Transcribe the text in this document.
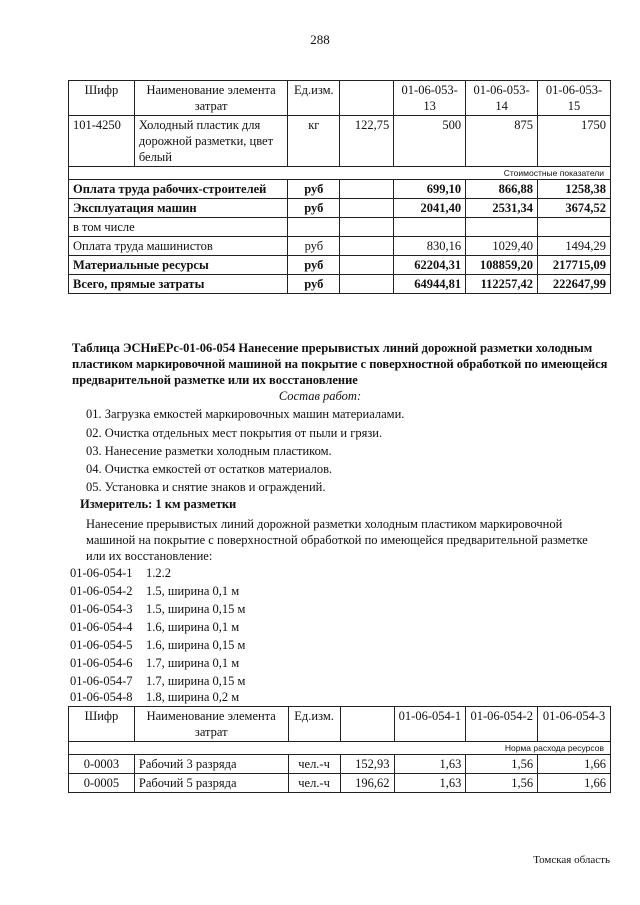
288
Шифр	Наименование элемента затрат	Ед.изм.		01-06-053-13	01-06-053-14	01-06-053-15
101-4250	Холодный пластик для дорожной разметки, цвет белый	кг	122,75	500	875	1750
Стоимостные показатели						
Оплата труда рабочих-строителей		руб		699,10	866,88	1258,38
Эксплуатация машин		руб		2041,40	2531,34	3674,52
в том числе						
Оплата труда машинистов		руб		830,16	1029,40	1494,29
Материальные ресурсы		руб		62204,31	108859,20	217715,09
Всего, прямые затраты		руб		64944,81	112257,42	222647,99
Таблица ЭСНиЕРс-01-06-054 Нанесение прерывистых линий дорожной разметки холодным пластиком маркировочной машиной на покрытие с поверхностной обработкой по имеющейся предварительной разметке или их восстановление
Состав работ:
01. Загрузка емкостей маркировочных машин материалами.
02. Очистка отдельных мест покрытия от пыли и грязи.
03. Нанесение разметки холодным пластиком.
04. Очистка емкостей от остатков материалов.
05. Установка и снятие знаков и ограждений.
Измеритель: 1 км разметки
Нанесение прерывистых линий дорожной разметки холодным пластиком маркировочной машиной на покрытие с поверхностной обработкой по имеющейся предварительной разметке или их восстановление:
01-06-054-1 1.2.2
01-06-054-2 1.5, ширина 0,1 м
01-06-054-3 1.5, ширина 0,15 м
01-06-054-4 1.6, ширина 0,1 м
01-06-054-5 1.6, ширина 0,15 м
01-06-054-6 1.7, ширина 0,1 м
01-06-054-7 1.7, ширина 0,15 м
01-06-054-8 1.8, ширина 0,2 м
Шифр	Наименование элемента затрат	Ед.изм.		01-06-054-1	01-06-054-2	01-06-054-3
Норма расхода ресурсов						
0-0003	Рабочий 3 разряда	чел.-ч	152,93	1,63	1,56	1,66
0-0005	Рабочий 5 разряда	чел.-ч	196,62	1,63	1,56	1,66
Томская область
